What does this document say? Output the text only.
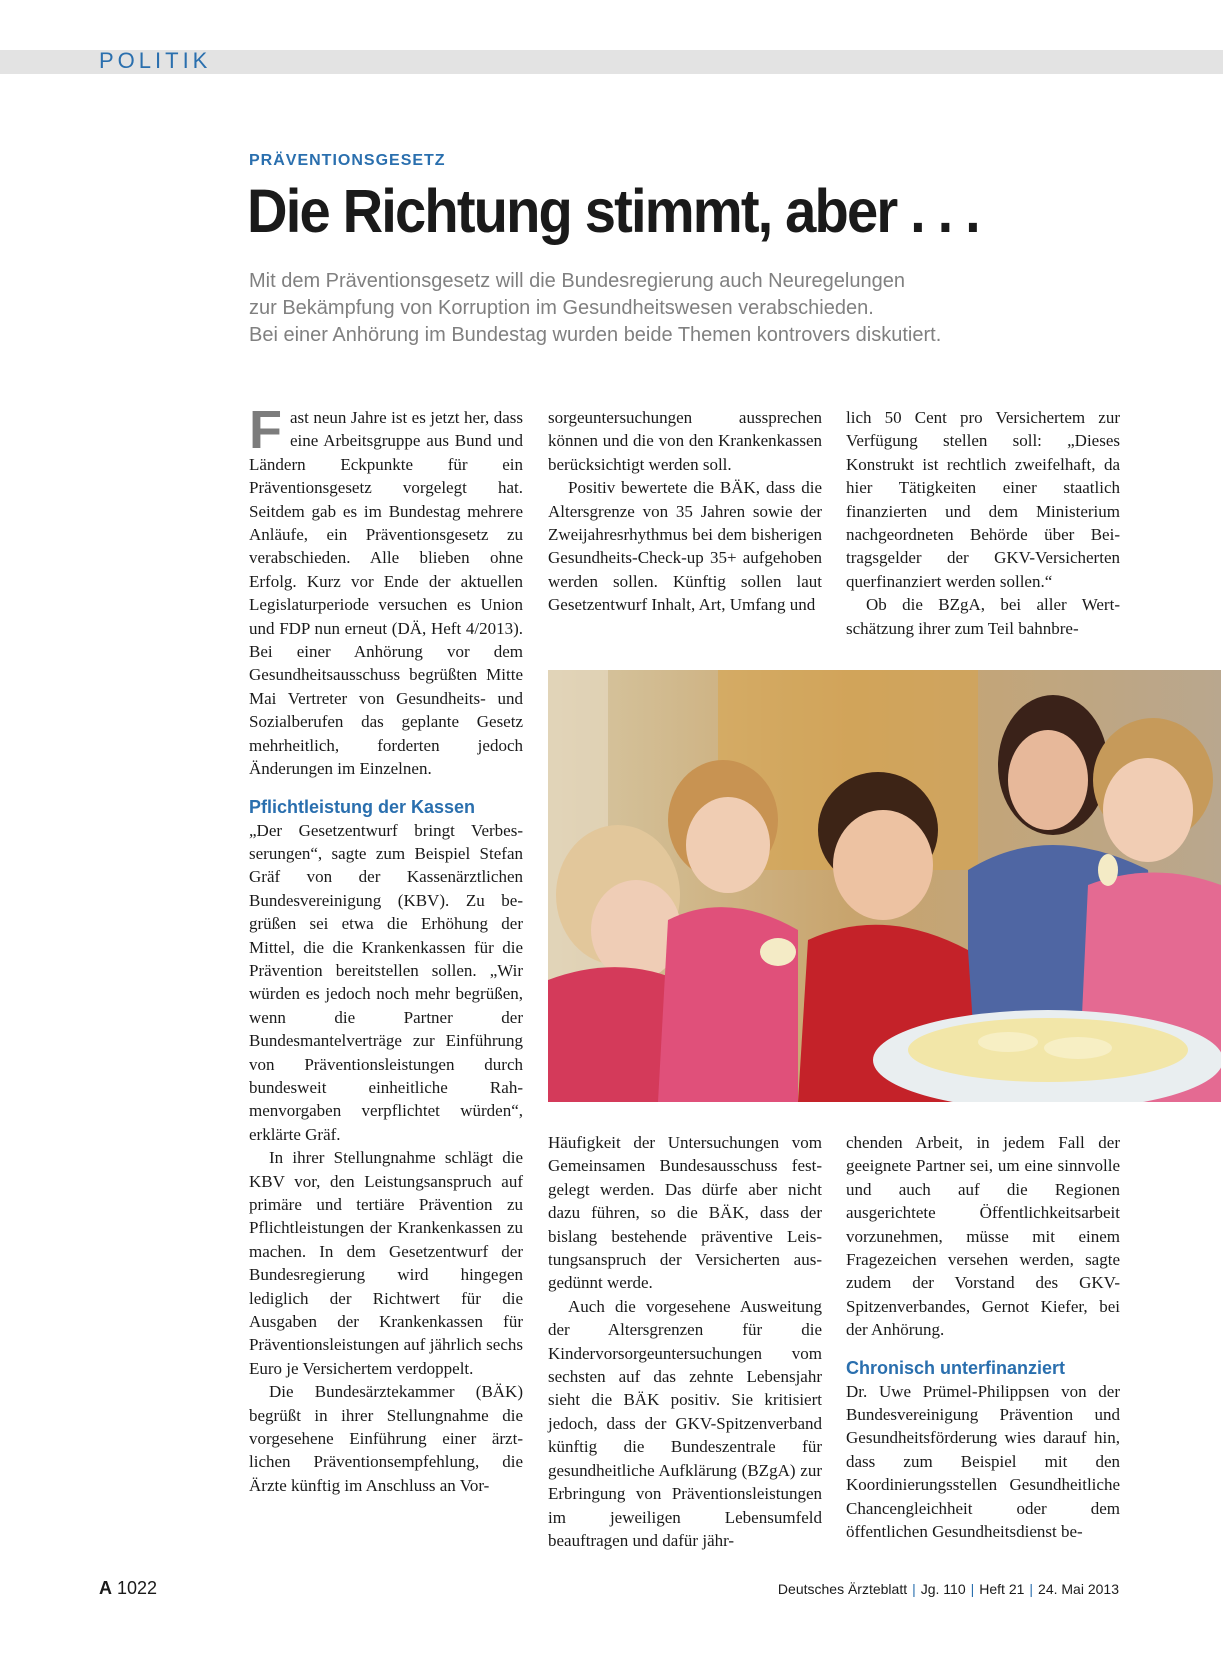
POLITIK
PRÄVENTIONSGESETZ
Die Richtung stimmt, aber . . .
Mit dem Präventionsgesetz will die Bundesregierung auch Neuregelungen
zur Bekämpfung von Korruption im Gesundheitswesen verabschieden.
Bei einer Anhörung im Bundestag wurden beide Themen kontrovers diskutiert.

Fast neun Jahre ist es jetzt her, dass eine Arbeitsgruppe aus Bund und Ländern Eckpunkte für ein Präventionsgesetz vorgelegt hat. Seitdem gab es im Bundestag mehrere Anläufe, ein Präventionsgesetz zu verabschieden. Alle blieben ohne Erfolg. Kurz vor Ende der aktuellen Legislaturperiode versuchen es Union und FDP nun erneut (DÄ, Heft 4/2013). Bei einer Anhörung vor dem Gesundheitsausschuss begrüßten Mitte Mai Vertreter von Gesundheits- und Sozialberufen das geplante Gesetz mehrheitlich, forderten jedoch Änderungen im Einzelnen.

Pflichtleistung der Kassen

„Der Gesetzentwurf bringt Verbesserungen“, sagte zum Beispiel Stefan Gräf von der Kassenärztlichen Bundesvereinigung (KBV). Zu begrüßen sei etwa die Erhöhung der Mittel, die die Krankenkassen für die Prävention bereitstellen sollen. „Wir würden es jedoch noch mehr begrüßen, wenn die Partner der Bundesmantelverträge zur Einführung von Präventionsleistungen durch bundesweit einheitliche Rahmenvorgaben verpflichtet würden“, erklärte Gräf.

In ihrer Stellungnahme schlägt die KBV vor, den Leistungsanspruch auf primäre und tertiäre Prävention zu Pflichtleistungen der Krankenkassen zu machen. In dem Gesetzentwurf der Bundesregierung wird hingegen lediglich der Richtwert für die Ausgaben der Krankenkassen für Präventionsleistungen auf jährlich sechs Euro je Versichertem verdoppelt.

Die Bundesärztekammer (BÄK) begrüßt in ihrer Stellungnahme die vorgesehene Einführung einer ärztlichen Präventionsempfehlung, die Ärzte künftig im Anschluss an Vor-

sorgeuntersuchungen aussprechen können und die von den Krankenkassen berücksichtigt werden soll.

Positiv bewertete die BÄK, dass die Altersgrenze von 35 Jahren sowie der Zweijahresrhythmus bei dem bisherigen Gesundheits-Check-up 35+ aufgehoben werden sollen. Künftig sollen laut Gesetzentwurf Inhalt, Art, Umfang und

lich 50 Cent pro Versichertem zur Verfügung stellen soll: „Dieses Konstrukt ist rechtlich zweifelhaft, da hier Tätigkeiten einer staatlich finanzierten und dem Ministerium nachgeordneten Behörde über Beitragsgelder der GKV-Versicherten querfinanziert werden sollen.“

Ob die BZgA, bei aller Wertschätzung ihrer zum Teil bahnbre-

Häufigkeit der Untersuchungen vom Gemeinsamen Bundesausschuss festgelegt werden. Das dürfe aber nicht dazu führen, so die BÄK, dass der bislang bestehende präventive Leistungsanspruch der Versicherten ausgedünnt werde.

Auch die vorgesehene Ausweitung der Altersgrenzen für die Kindervorsorgeuntersuchungen vom sechsten auf das zehnte Lebensjahr sieht die BÄK positiv. Sie kritisiert jedoch, dass der GKV-Spitzenverband künftig die Bundeszentrale für gesundheitliche Aufklärung (BZgA) zur Erbringung von Präventionsleistungen im jeweiligen Lebensumfeld beauftragen und dafür jähr-

chenden Arbeit, in jedem Fall der geeignete Partner sei, um eine sinnvolle und auch auf die Regionen ausgerichtete Öffentlichkeitsarbeit vorzunehmen, müsse mit einem Fragezeichen versehen werden, sagte zudem der Vorstand des GKV-Spitzenverbandes, Gernot Kiefer, bei der Anhörung.

Chronisch unterfinanziert

Dr. Uwe Prümel-Philippsen von der Bundesvereinigung Prävention und Gesundheitsförderung wies darauf hin, dass zum Beispiel mit den Koordinierungsstellen Gesundheitliche Chancengleichheit oder dem öffentlichen Gesundheitsdienst be-

A 1022	Deutsches Ärzteblatt | Jg. 110 | Heft 21 | 24. Mai 2013
